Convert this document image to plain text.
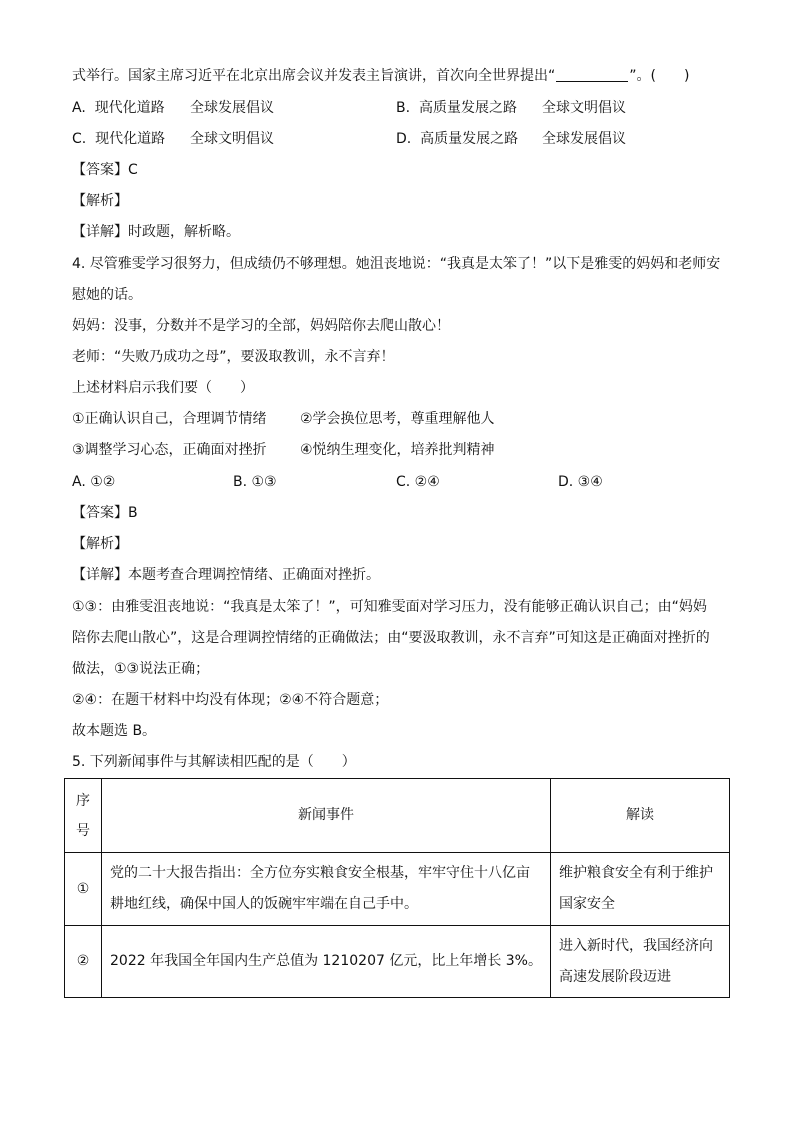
式举行。国家主席习近平在北京出席会议并发表主旨演讲，首次向全世界提出“	”。(　　)
A. 现代化道路 全球发展倡议	B. 高质量发展之路 全球文明倡议
C. 现代化道路 全球文明倡议	D. 高质量发展之路 全球发展倡议
【答案】C
【解析】
【详解】时政题，解析略。
4. 尽管雅雯学习很努力，但成绩仍不够理想。她沮丧地说：“我真是太笨了！”以下是雅雯的妈妈和老师安
慰她的话。
妈妈：没事，分数并不是学习的全部，妈妈陪你去爬山散心！
老师：“失败乃成功之母”，要汲取教训，永不言弃！
上述材料启示我们要（　　）
①正确认识自己，合理调节情绪 ②学会换位思考，尊重理解他人
③调整学习心态，正确面对挫折 ④悦纳生理变化，培养批判精神
A. ①②	B. ①③	C. ②④	D. ③④
【答案】B
【解析】
【详解】本题考查合理调控情绪、正确面对挫折。
①③：由雅雯沮丧地说：“我真是太笨了！”，可知雅雯面对学习压力，没有能够正确认识自己；由“妈妈
陪你去爬山散心”，这是合理调控情绪的正确做法；由“要汲取教训，永不言弃”可知这是正确面对挫折的
做法，①③说法正确；
②④：在题干材料中均没有体现；②④不符合题意；
故本题选 B。
5. 下列新闻事件与其解读相匹配的是（　　）
序号	新闻事件	解读
①	党的二十大报告指出：全方位夯实粮食安全根基，牢牢守住十八亿亩耕地红线，确保中国人的饭碗牢牢端在自己手中。	维护粮食安全有利于维护国家安全
②	2022 年我国全年国内生产总值为 1210207 亿元，比上年增长 3%。	进入新时代，我国经济向高速发展阶段迈进
